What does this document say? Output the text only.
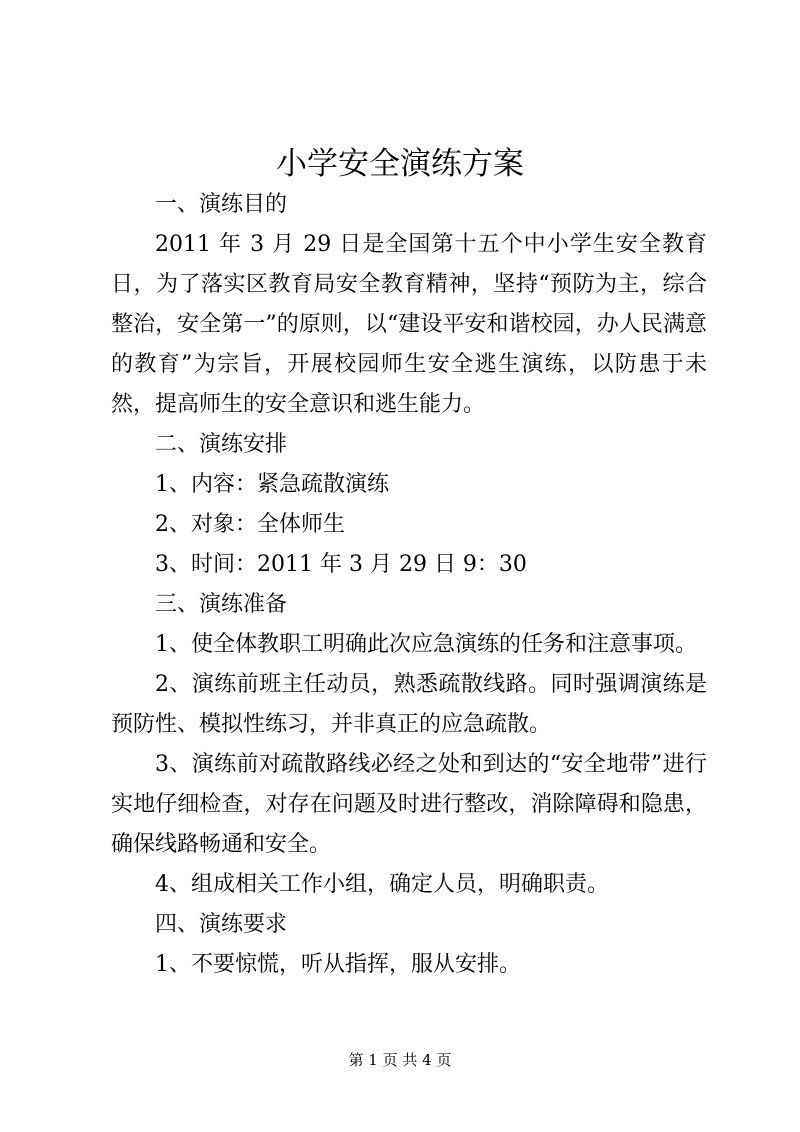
小学安全演练方案

一、演练目的

2011 年 3 月 29 日是全国第十五个中小学生安全教育日，为了落实区教育局安全教育精神，坚持“预防为主，综合整治，安全第一”的原则，以“建设平安和谐校园，办人民满意的教育”为宗旨，开展校园师生安全逃生演练，以防患于未然，提高师生的安全意识和逃生能力。

二、演练安排

1、内容：紧急疏散演练

2、对象：全体师生

3、时间：2011 年 3 月 29 日 9：30

三、演练准备

1、使全体教职工明确此次应急演练的任务和注意事项。

2、演练前班主任动员，熟悉疏散线路。同时强调演练是预防性、模拟性练习，并非真正的应急疏散。

3、演练前对疏散路线必经之处和到达的“安全地带”进行实地仔细检查，对存在问题及时进行整改，消除障碍和隐患，确保线路畅通和安全。

4、组成相关工作小组，确定人员，明确职责。

四、演练要求

1、不要惊慌，听从指挥，服从安排。

第 1 页 共 4 页
